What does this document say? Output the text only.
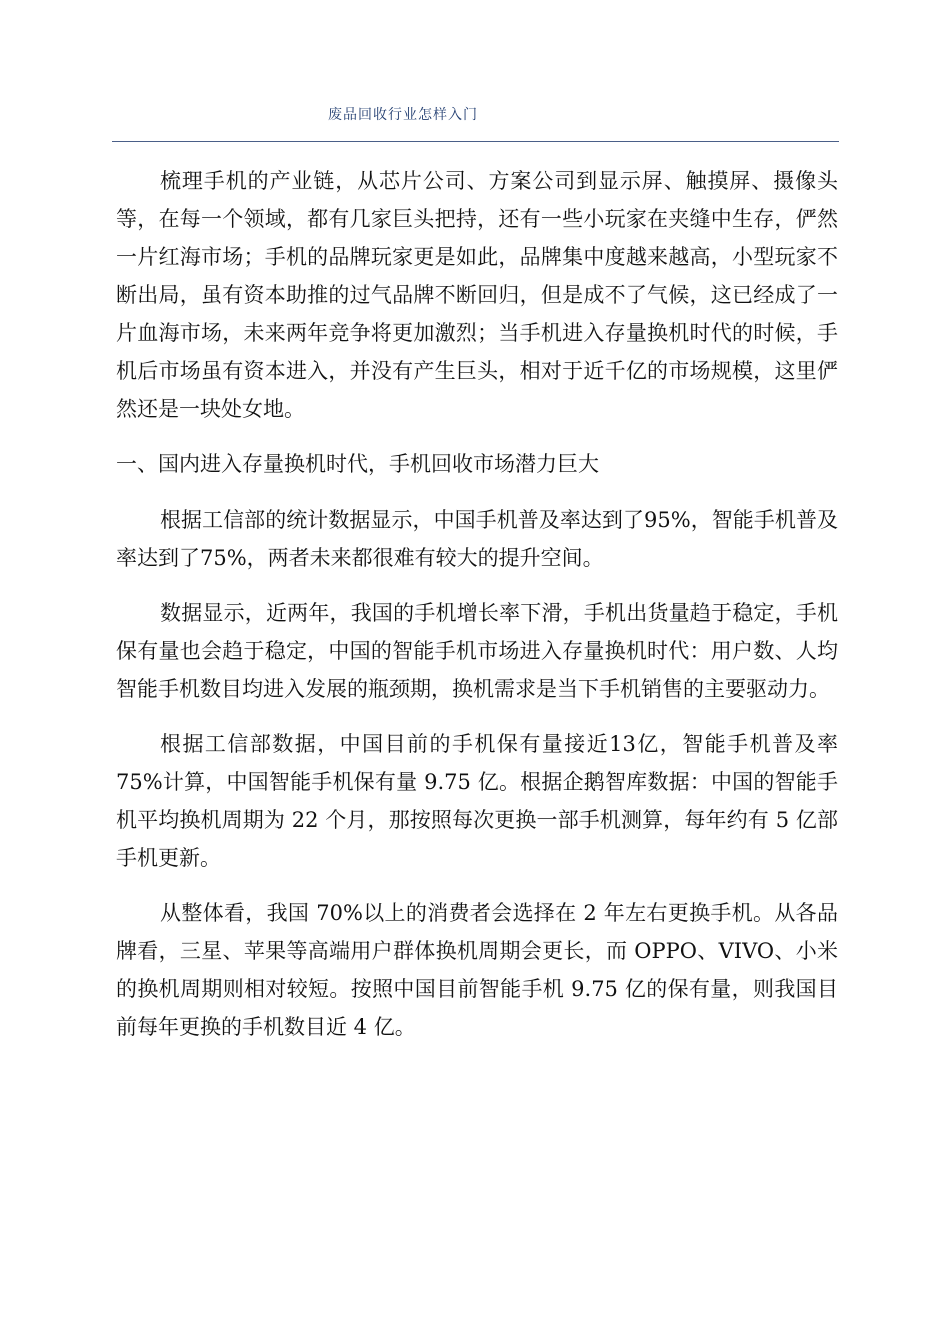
废品回收行业怎样入门

梳理手机的产业链，从芯片公司、方案公司到显示屏、触摸屏、摄像头等，在每一个领域，都有几家巨头把持，还有一些小玩家在夹缝中生存，俨然一片红海市场；手机的品牌玩家更是如此，品牌集中度越来越高，小型玩家不断出局，虽有资本助推的过气品牌不断回归，但是成不了气候，这已经成了一片血海市场，未来两年竞争将更加激烈；当手机进入存量换机时代的时候，手机后市场虽有资本进入，并没有产生巨头，相对于近千亿的市场规模，这里俨然还是一块处女地。

一、国内进入存量换机时代，手机回收市场潜力巨大

根据工信部的统计数据显示，中国手机普及率达到了95%，智能手机普及率达到了75%，两者未来都很难有较大的提升空间。

数据显示，近两年，我国的手机增长率下滑，手机出货量趋于稳定，手机保有量也会趋于稳定，中国的智能手机市场进入存量换机时代：用户数、人均智能手机数目均进入发展的瓶颈期，换机需求是当下手机销售的主要驱动力。

根据工信部数据，中国目前的手机保有量接近13亿，智能手机普及率 75%计算，中国智能手机保有量 9.75 亿。根据企鹅智库数据：中国的智能手机平均换机周期为 22 个月，那按照每次更换一部手机测算，每年约有 5 亿部手机更新。

从整体看，我国 70%以上的消费者会选择在 2 年左右更换手机。从各品牌看，三星、苹果等高端用户群体换机周期会更长，而 OPPO、VIVO、小米的换机周期则相对较短。按照中国目前智能手机 9.75 亿的保有量，则我国目前每年更换的手机数目近 4 亿。
